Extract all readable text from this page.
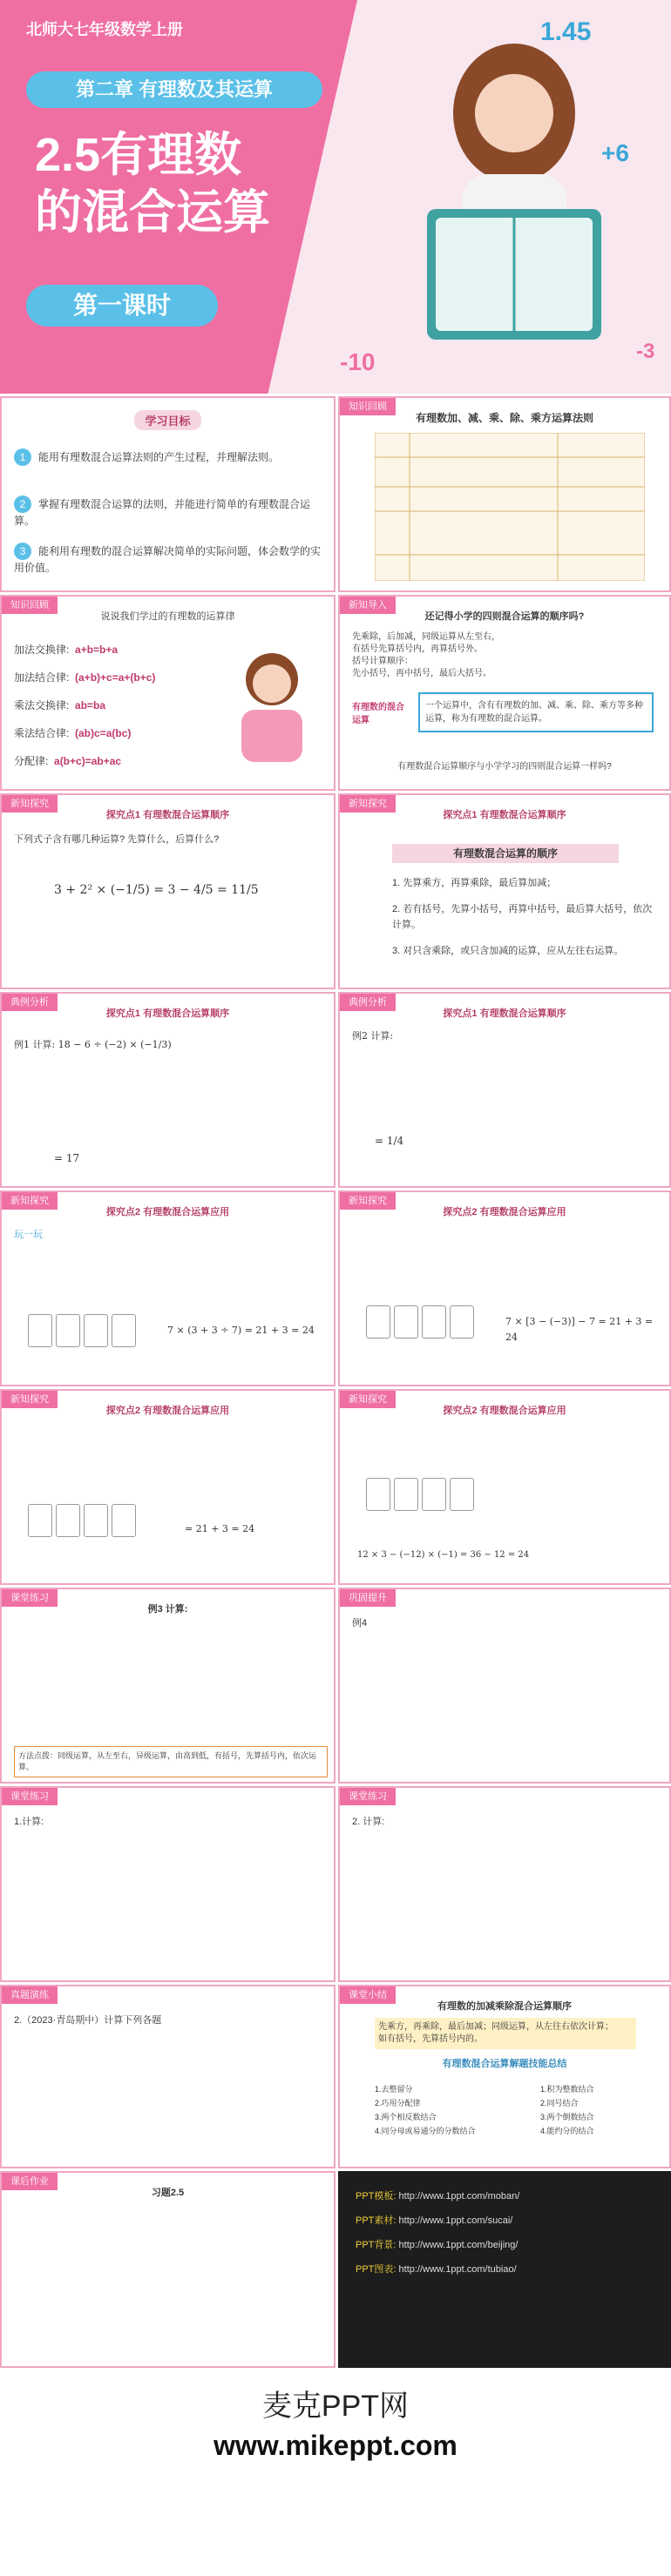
北师大七年级数学上册
第二章 有理数及其运算
2.5有理数
的混合运算
第一课时
1.45
+6
-10	-3
学习目标
1 能用有理数混合运算法则的产生过程，并理解法则。
2 掌握有理数混合运算的法则，并能进行简单的有理数混合运算。
3 能利用有理数的混合运算解决简单的实际问题，体会数学的实用价值。
知识回顾
有理数加、减、乘、除、乘方运算法则
知识回顾
说说我们学过的有理数的运算律
加法交换律: a+b=b+a
加法结合律: (a+b)+c=a+(b+c)
乘法交换律: ab=ba
乘法结合律: (ab)c=a(bc)
分配律: a(b+c)=ab+ac
新知导入
还记得小学的四则混合运算的顺序吗?
先乘除，后加减，同级运算从左至右，
有括号先算括号内，再算括号外。
括号计算顺序：
先小括号，再中括号，最后大括号。
有理数的混合运算
一个运算中，含有有理数的加、减、乘、除、乘方等多种运算，称为有理数的混合运算。
有理数混合运算顺序与小学学习的四则混合运算一样吗?
新知探究
探究点1 有理数混合运算顺序
下列式子含有哪几种运算? 先算什么，后算什么?
3 + 2² × (−1/5) = 3 − 4/5 = 11/5
新知探究
探究点1 有理数混合运算顺序
有理数混合运算的顺序
1. 先算乘方，再算乘除，最后算加减；
2. 若有括号，先算小括号，再算中括号，最后算大括号，依次计算。
3. 对只含乘除，或只含加减的运算，应从左往右运算。
典例分析
探究点1 有理数混合运算顺序
例1 计算: 18 − 6 ÷ (−2) × (−1/3)
= 17
典例分析
探究点1 有理数混合运算顺序
例2 计算:
= 1/4
新知探究
探究点2 有理数混合运算应用
玩一玩
7 × (3 + 3 ÷ 7) = 21 + 3 = 24
新知探究
探究点2 有理数混合运算应用
7 × [3 − (−3)] − 7 = 21 + 3 = 24
新知探究
探究点2 有理数混合运算应用
= 21 + 3 = 24
新知探究
探究点2 有理数混合运算应用
12 × 3 − (−12) × (−1) = 36 − 12 = 24
课堂练习
例3 计算:
方法点拨：同级运算，从左至右，异级运算，由高到低，有括号，先算括号内，依次运算。
巩固提升
例4
课堂练习
1.计算:
课堂练习
2. 计算:
真题演练
2.（2023·青岛期中）计算下列各题
课堂小结
有理数的加减乘除混合运算顺序
先乘方，再乘除，最后加减；同级运算，从左往右依次计算；
如有括号，先算括号内的。
有理数混合运算解题技能总结
1.去整留分
2.巧用分配律
3.两个相反数结合
4.同分母或易通分的分数结合
1.积为整数结合
2.同号结合
3.两个倒数结合
4.能约分的结合
课后作业
习题2.5	PPT模板: http://www.1ppt.com/moban/
PPT素材: http://www.1ppt.com/sucai/
PPT背景: http://www.1ppt.com/beijing/
PPT图表: http://www.1ppt.com/tubiao/
麦克PPT网
www.mikeppt.com
